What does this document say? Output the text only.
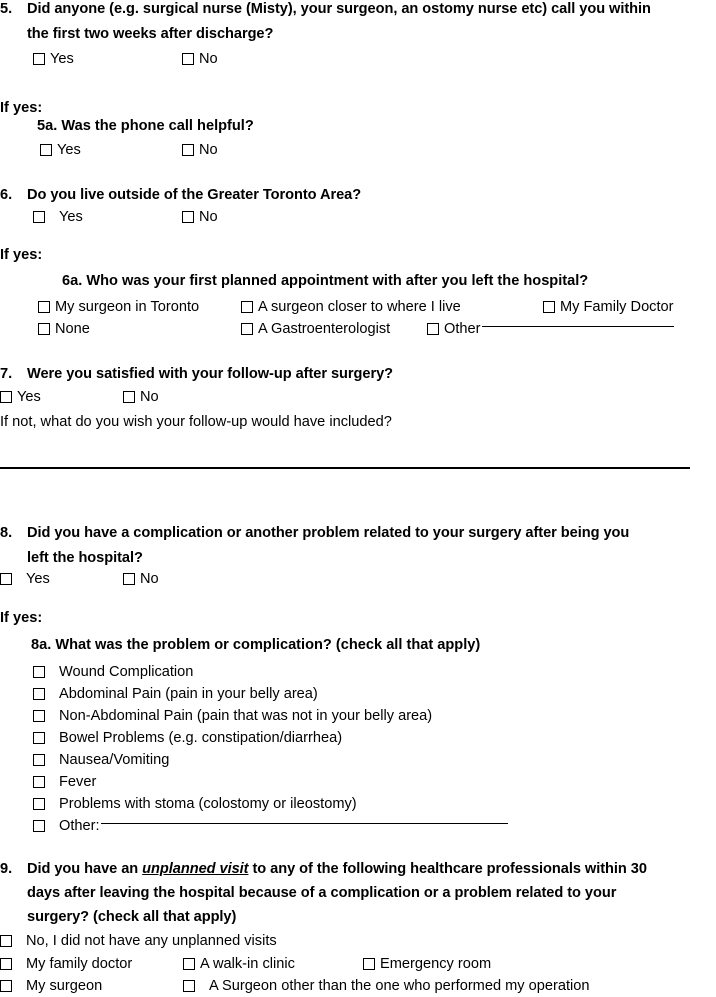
5. Did anyone (e.g. surgical nurse (Misty), your surgeon, an ostomy nurse etc) call you within
the first two weeks after discharge?
Yes	No
If yes:
5a. Was the phone call helpful?
Yes	No
6. Do you live outside of the Greater Toronto Area?
Yes	No
If yes:
6a. Who was your first planned appointment with after you left the hospital?
My surgeon in Toronto	A surgeon closer to where I live	My Family Doctor
None	A Gastroenterologist	Other
7. Were you satisfied with your follow-up after surgery?
Yes	No
If not, what do you wish your follow-up would have included?
8. Did you have a complication or another problem related to your surgery after being you
left the hospital?
Yes	No
If yes:
8a. What was the problem or complication? (check all that apply)
Wound Complication
Abdominal Pain (pain in your belly area)
Non-Abdominal Pain (pain that was not in your belly area)
Bowel Problems (e.g. constipation/diarrhea)
Nausea/Vomiting
Fever
Problems with stoma (colostomy or ileostomy)
Other:
9. Did you have an unplanned visit to any of the following healthcare professionals within 30
days after leaving the hospital because of a complication or a problem related to your
surgery? (check all that apply)
No, I did not have any unplanned visits
My family doctor	A walk-in clinic	Emergency room
My surgeon	A Surgeon other than the one who performed my operation
